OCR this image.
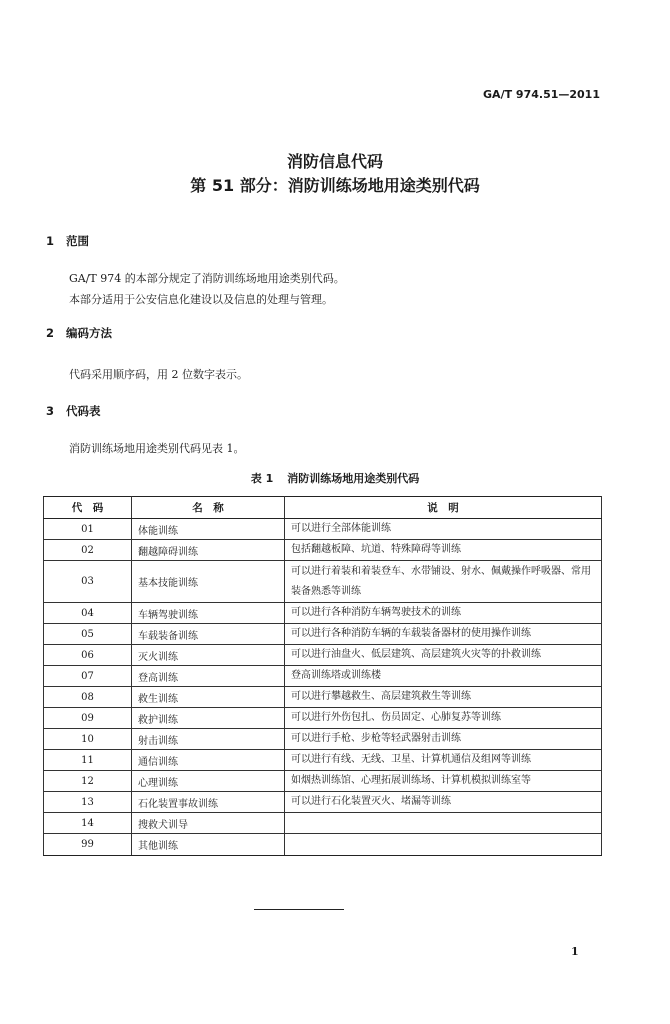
GA/T 974.51—2011
消防信息代码
第 51 部分：消防训练场地用途类别代码
1 范围
GA/T 974 的本部分规定了消防训练场地用途类别代码。
本部分适用于公安信息化建设以及信息的处理与管理。
2 编码方法
代码采用顺序码，用 2 位数字表示。
3 代码表
消防训练场地用途类别代码见表 1。
表 1 消防训练场地用途类别代码
代　码	名　称	说　明
01	体能训练	可以进行全部体能训练
02	翻越障碍训练	包括翻越板障、坑道、特殊障碍等训练
03	基本技能训练	可以进行着装和着装登车、水带铺设、射水、佩戴操作呼吸器、常用装备熟悉等训练
04	车辆驾驶训练	可以进行各种消防车辆驾驶技术的训练
05	车载装备训练	可以进行各种消防车辆的车载装备器材的使用操作训练
06	灭火训练	可以进行油盘火、低层建筑、高层建筑火灾等的扑救训练
07	登高训练	登高训练塔或训练楼
08	救生训练	可以进行攀越救生、高层建筑救生等训练
09	救护训练	可以进行外伤包扎、伤员固定、心肺复苏等训练
10	射击训练	可以进行手枪、步枪等轻武器射击训练
11	通信训练	可以进行有线、无线、卫星、计算机通信及组网等训练
12	心理训练	如烟热训练馆、心理拓展训练场、计算机模拟训练室等
13	石化装置事故训练	可以进行石化装置灭火、堵漏等训练
14	搜救犬训导	
99	其他训练	
1
